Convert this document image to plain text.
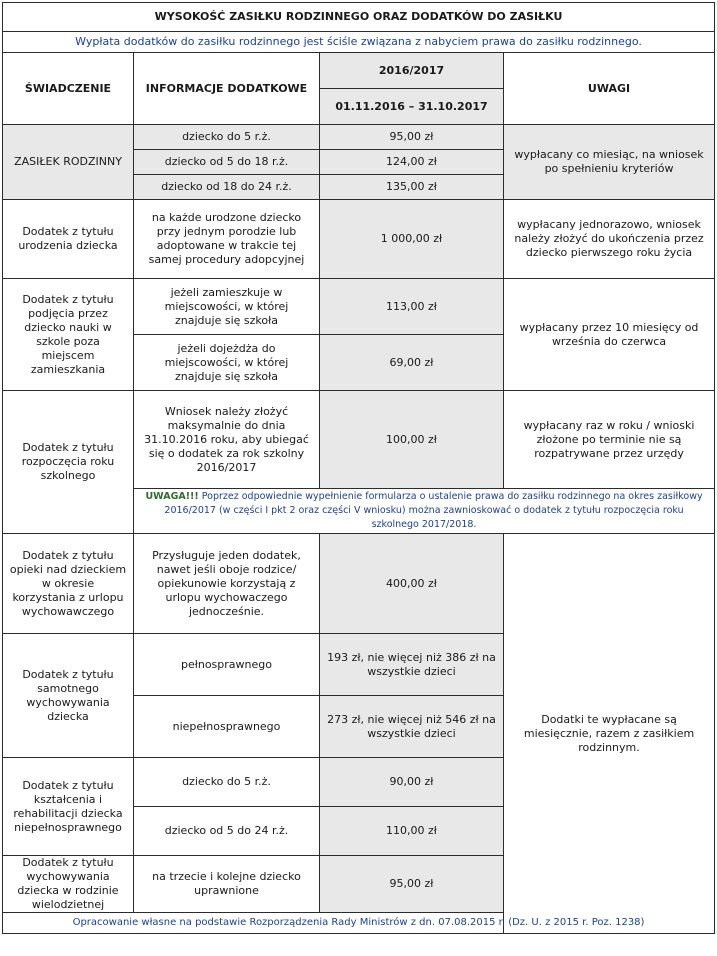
WYSOKOŚĆ ZASIŁKU RODZINNEGO ORAZ DODATKÓW DO ZASIŁKU			
Wypłata dodatków do zasiłku rodzinnego jest ściśle związana z nabyciem prawa do zasiłku rodzinnego.			
ŚWIADCZENIE	INFORMACJE DODATKOWE	2016/2017	UWAGI
		01.11.2016 – 31.10.2017	
ZASIŁEK RODZINNY	dziecko do 5 r.ż.	95,00 zł	wypłacany co miesiąc, na wniosek po spełnieniu kryteriów
	dziecko od 5 do 18 r.ż.	124,00 zł	
	dziecko od 18 do 24 r.ż.	135,00 zł	
Dodatek z tytułu urodzenia dziecka	na każde urodzone dziecko przy jednym porodzie lub adoptowane w trakcie tej samej procedury adopcyjnej	1 000,00 zł	wypłacany jednorazowo, wniosek należy złożyć do ukończenia przez dziecko pierwszego roku życia
Dodatek z tytułu podjęcia przez dziecko nauki w szkole poza miejscem zamieszkania	jeżeli zamieszkuje w miejscowości, w której znajduje się szkoła	113,00 zł	wypłacany przez 10 miesięcy od września do czerwca
	jeżeli dojeżdża do miejscowości, w której znajduje się szkoła	69,00 zł	
Dodatek z tytułu rozpoczęcia roku szkolnego	Wniosek należy złożyć maksymalnie do dnia 31.10.2016 roku, aby ubiegać się o dodatek za rok szkolny 2016/2017	100,00 zł	wypłacany raz w roku / wnioski złożone po terminie nie są rozpatrywane przez urzędy
	UWAGA!!! Poprzez odpowiednie wypełnienie formularza o ustalenie prawa do zasiłku rodzinnego na okres zasiłkowy 2016/2017 (w części I pkt 2 oraz części V wniosku) można zawnioskować o dodatek z tytułu rozpoczęcia roku szkolnego 2017/2018.		
Dodatek z tytułu opieki nad dzieckiem w okresie korzystania z urlopu wychowawczego	Przysługuje jeden dodatek, nawet jeśli oboje rodzice/ opiekunowie korzystają z urlopu wychowaczego jednocześnie.	400,00 zł	Dodatki te wypłacane są miesięcznie, razem z zasiłkiem rodzinnym.
Dodatek z tytułu samotnego wychowywania dziecka	pełnosprawnego	193 zł, nie więcej niż 386 zł na wszystkie dzieci	
	niepełnosprawnego	273 zł, nie więcej niż 546 zł na wszystkie dzieci	
Dodatek z tytułu kształcenia i rehabilitacji dziecka niepełnosprawnego	dziecko do 5 r.ż.	90,00 zł	
	dziecko od 5 do 24 r.ż.	110,00 zł	
Dodatek z tytułu wychowywania dziecka w rodzinie wielodzietnej	na trzecie i kolejne dziecko uprawnione	95,00 zł	
Opracowanie własne na podstawie Rozporządzenia Rady Ministrów z dn. 07.08.2015 r. (Dz. U. z 2015 r. Poz. 1238)			
